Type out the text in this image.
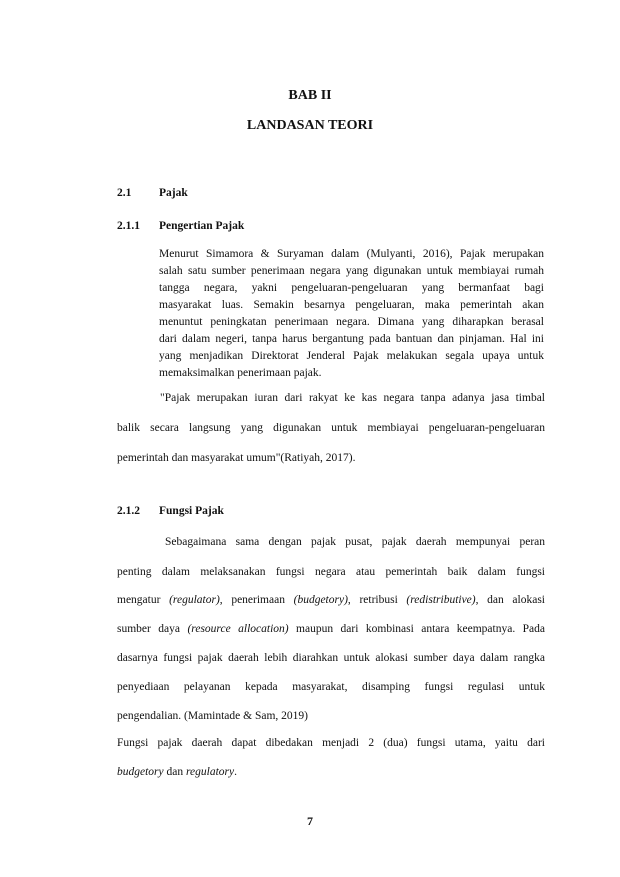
BAB II
LANDASAN TEORI
2.1 Pajak
2.1.1 Pengertian Pajak
Menurut Simamora & Suryaman dalam (Mulyanti, 2016), Pajak merupakan
salah satu sumber penerimaan negara yang digunakan untuk membiayai rumah
tangga negara, yakni pengeluaran-pengeluaran yang bermanfaat bagi
masyarakat luas. Semakin besarnya pengeluaran, maka pemerintah akan
menuntut peningkatan penerimaan negara. Dimana yang diharapkan berasal
dari dalam negeri, tanpa harus bergantung pada bantuan dan pinjaman. Hal ini
yang menjadikan Direktorat Jenderal Pajak melakukan segala upaya untuk
memaksimalkan penerimaan pajak.
"Pajak merupakan iuran dari rakyat ke kas negara tanpa adanya jasa timbal
balik secara langsung yang digunakan untuk membiayai pengeluaran-pengeluaran
pemerintah dan masyarakat umum"(Ratiyah, 2017).
2.1.2 Fungsi Pajak
Sebagaimana sama dengan pajak pusat, pajak daerah mempunyai peran
penting dalam melaksanakan fungsi negara atau pemerintah baik dalam fungsi
mengatur (regulator), penerimaan (budgetory), retribusi (redistributive), dan alokasi
sumber daya (resource allocation) maupun dari kombinasi antara keempatnya. Pada
dasarnya fungsi pajak daerah lebih diarahkan untuk alokasi sumber daya dalam rangka
penyediaan pelayanan kepada masyarakat, disamping fungsi regulasi untuk
pengendalian. (Mamintade & Sam, 2019)
Fungsi pajak daerah dapat dibedakan menjadi 2 (dua) fungsi utama, yaitu dari
budgetory dan regulatory.
7
